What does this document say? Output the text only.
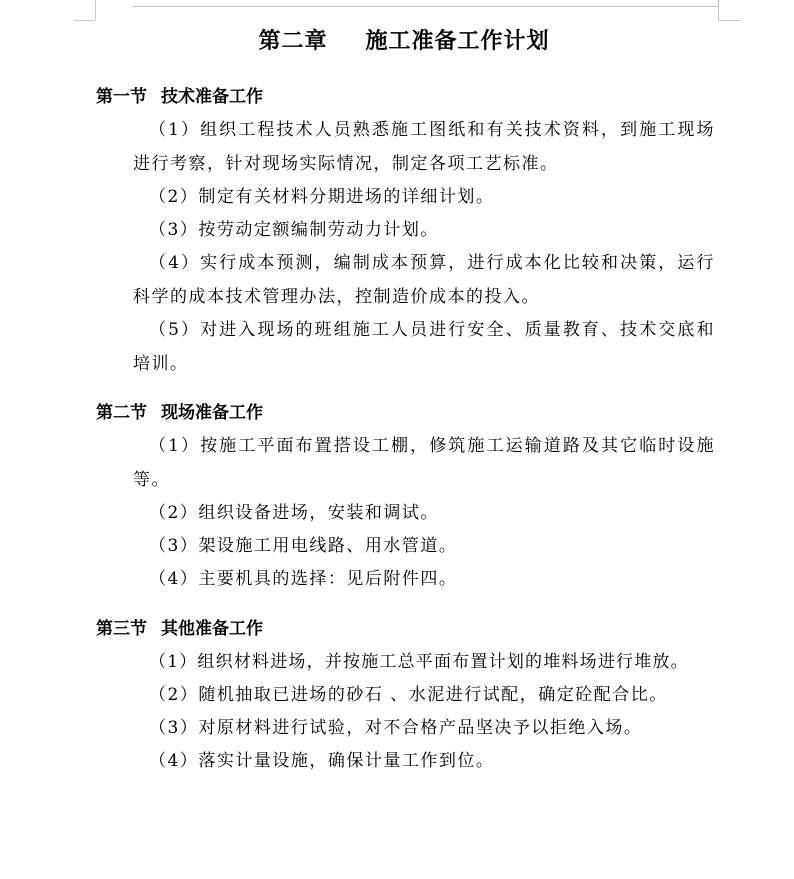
第二章 施工准备工作计划
第一节 技术准备工作
（1）组织工程技术人员熟悉施工图纸和有关技术资料，到施工现场进行考察，针对现场实际情况，制定各项工艺标准。
（2）制定有关材料分期进场的详细计划。
（3）按劳动定额编制劳动力计划。
（4）实行成本预测，编制成本预算，进行成本化比较和决策，运行科学的成本技术管理办法，控制造价成本的投入。
（5）对进入现场的班组施工人员进行安全、质量教育、技术交底和培训。
第二节 现场准备工作
（1）按施工平面布置搭设工棚，修筑施工运输道路及其它临时设施等。
（2）组织设备进场，安装和调试。
（3）架设施工用电线路、用水管道。
（4）主要机具的选择：见后附件四。
第三节 其他准备工作
（1）组织材料进场，并按施工总平面布置计划的堆料场进行堆放。
（2）随机抽取已进场的砂石 、水泥进行试配，确定砼配合比。
（3）对原材料进行试验，对不合格产品坚决予以拒绝入场。
（4）落实计量设施，确保计量工作到位。
